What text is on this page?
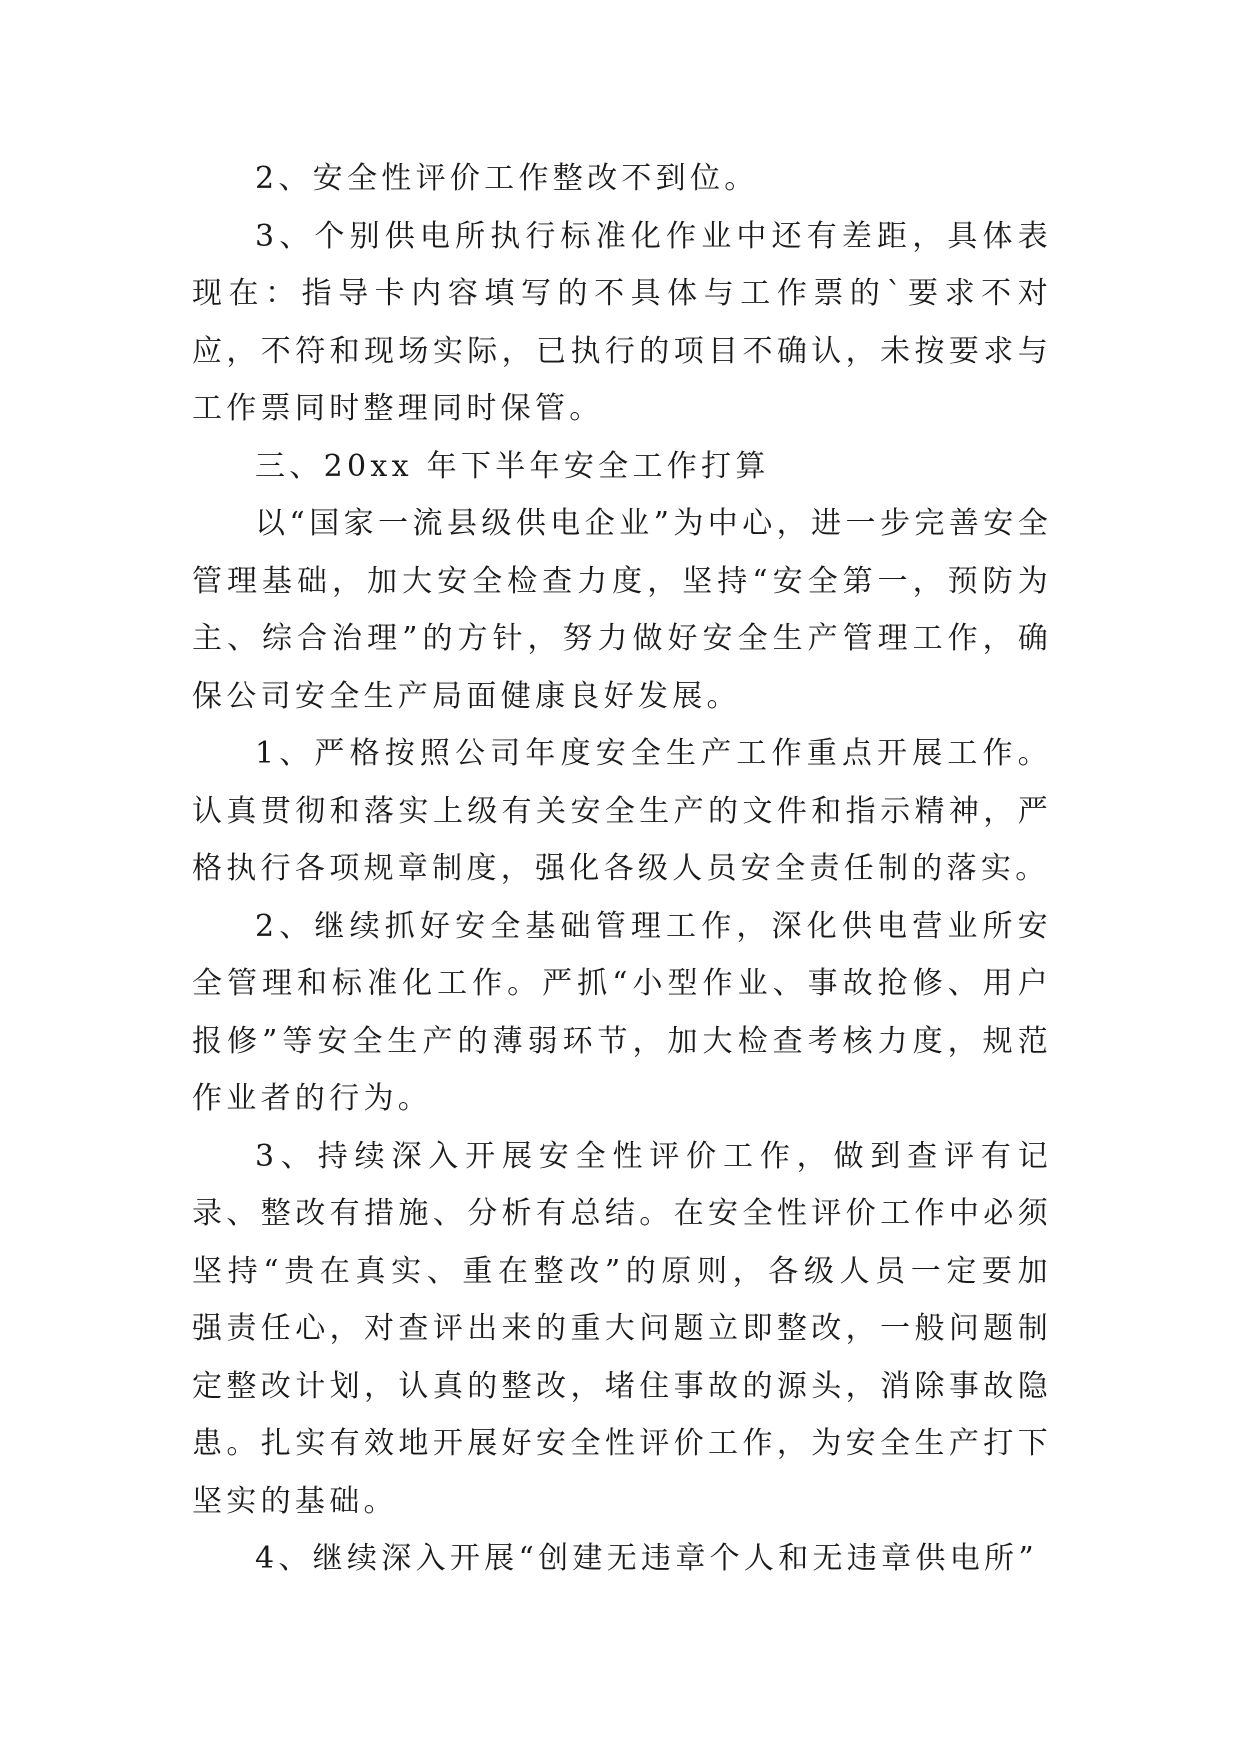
2、安全性评价工作整改不到位。

3、个别供电所执行标准化作业中还有差距，具体表现在：指导卡内容填写的不具体与工作票的`要求不对应，不符和现场实际，已执行的项目不确认，未按要求与工作票同时整理同时保管。

三、20xx 年下半年安全工作打算

以“国家一流县级供电企业”为中心，进一步完善安全管理基础，加大安全检查力度，坚持“安全第一，预防为主、综合治理”的方针，努力做好安全生产管理工作，确保公司安全生产局面健康良好发展。

1、严格按照公司年度安全生产工作重点开展工作。认真贯彻和落实上级有关安全生产的文件和指示精神，严格执行各项规章制度，强化各级人员安全责任制的落实。

2、继续抓好安全基础管理工作，深化供电营业所安全管理和标准化工作。严抓“小型作业、事故抢修、用户报修”等安全生产的薄弱环节，加大检查考核力度，规范作业者的行为。

3、持续深入开展安全性评价工作，做到查评有记录、整改有措施、分析有总结。在安全性评价工作中必须坚持“贵在真实、重在整改”的原则，各级人员一定要加强责任心，对查评出来的重大问题立即整改，一般问题制定整改计划，认真的整改，堵住事故的源头，消除事故隐患。扎实有效地开展好安全性评价工作，为安全生产打下坚实的基础。

4、继续深入开展“创建无违章个人和无违章供电所”
